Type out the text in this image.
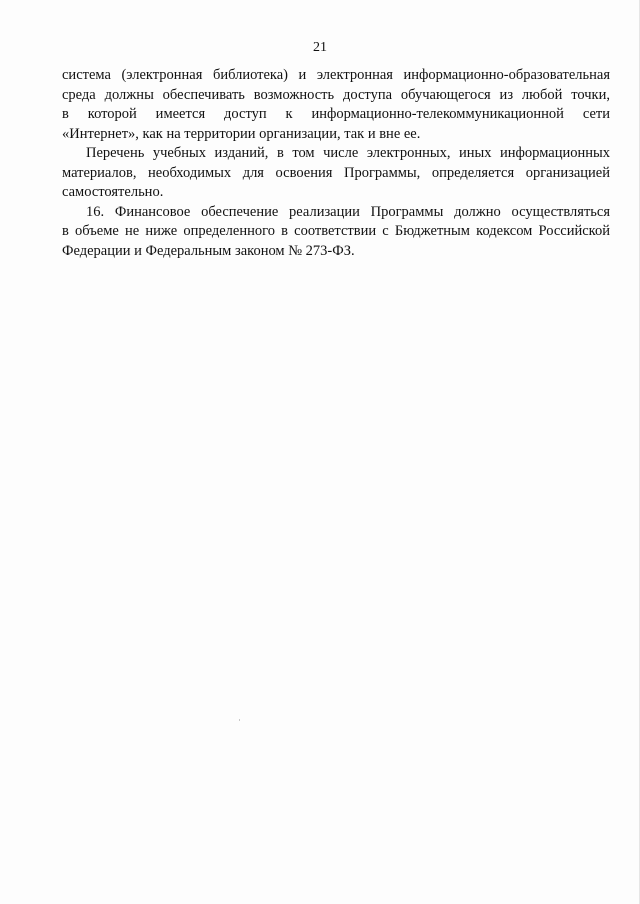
21
система (электронная библиотека) и электронная информационно-образовательная
среда должны обеспечивать возможность доступа обучающегося из любой точки,
в которой имеется доступ к информационно-телекоммуникационной сети
«Интернет», как на территории организации, так и вне ее.
Перечень учебных изданий, в том числе электронных, иных информационных
материалов, необходимых для освоения Программы, определяется организацией
самостоятельно.
16. Финансовое обеспечение реализации Программы должно осуществляться
в объеме не ниже определенного в соответствии с Бюджетным кодексом Российской
Федерации и Федеральным законом № 273-ФЗ.
